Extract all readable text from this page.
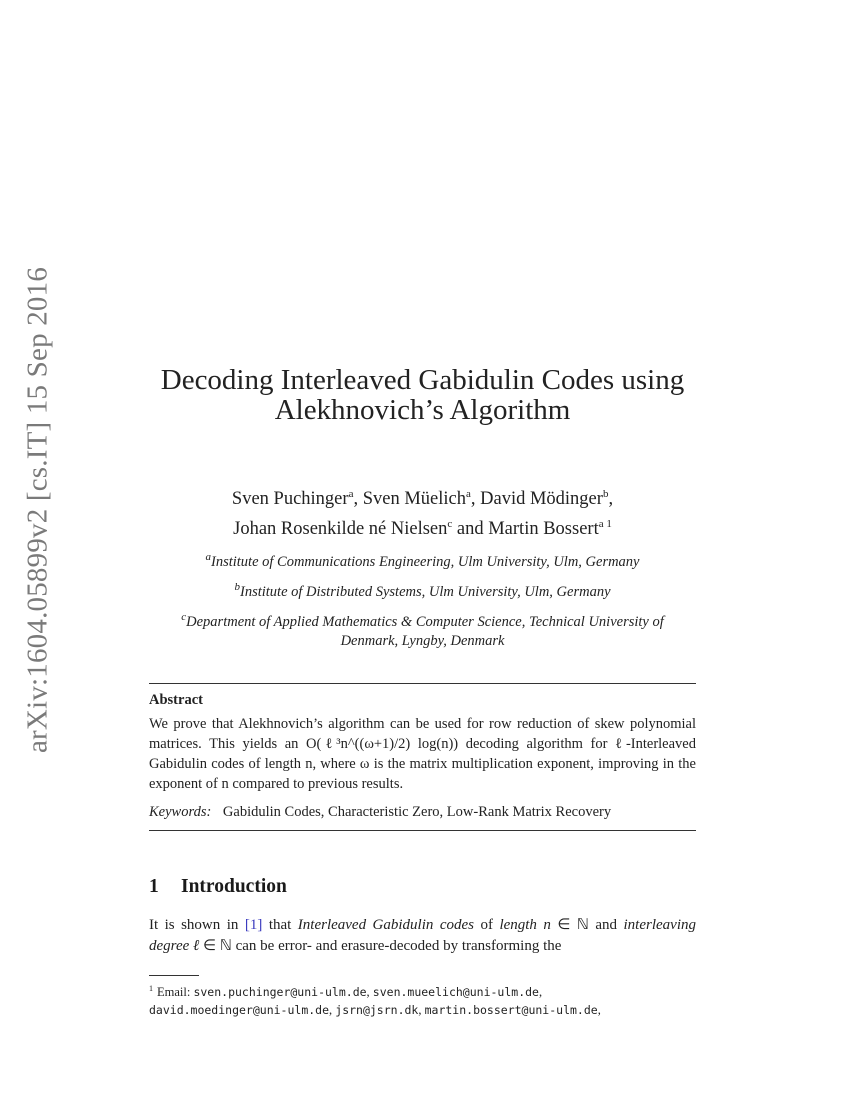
arXiv:1604.05899v2 [cs.IT] 15 Sep 2016	Decoding Interleaved Gabidulin Codes using
Alekhnovich’s Algorithm
Sven Puchinger$^a$, Sven Müelich$^a$, David Mödinger$^b$,
Johan Rosenkilde né Nielsen$^c$ and Martin Bossert$^{a 1}$
$^a$Institute of Communications Engineering, Ulm University, Ulm, Germany
$^b$Institute of Distributed Systems, Ulm University, Ulm, Germany
$^c$Department of Applied Mathematics & Computer Science, Technical University of
Denmark, Lyngby, Denmark
Abstract
We prove that Alekhnovich’s algorithm can be used for row reduction of skew polynomial matrices. This yields an O(ℓ³n^((ω+1)/2) log(n)) decoding algorithm for ℓ-Interleaved Gabidulin codes of length n, where ω is the matrix multiplication exponent, improving in the exponent of n compared to previous results.
Keywords: Gabidulin Codes, Characteristic Zero, Low-Rank Matrix Recovery
1 Introduction
It is shown in [1] that Interleaved Gabidulin codes of length n ∈ ℕ and interleaving degree ℓ ∈ ℕ can be error- and erasure-decoded by transforming the
$^1$ Email: sven.puchinger@uni-ulm.de, sven.mueelich@uni-ulm.de,
david.moedinger@uni-ulm.de, jsrn@jsrn.dk, martin.bossert@uni-ulm.de,
